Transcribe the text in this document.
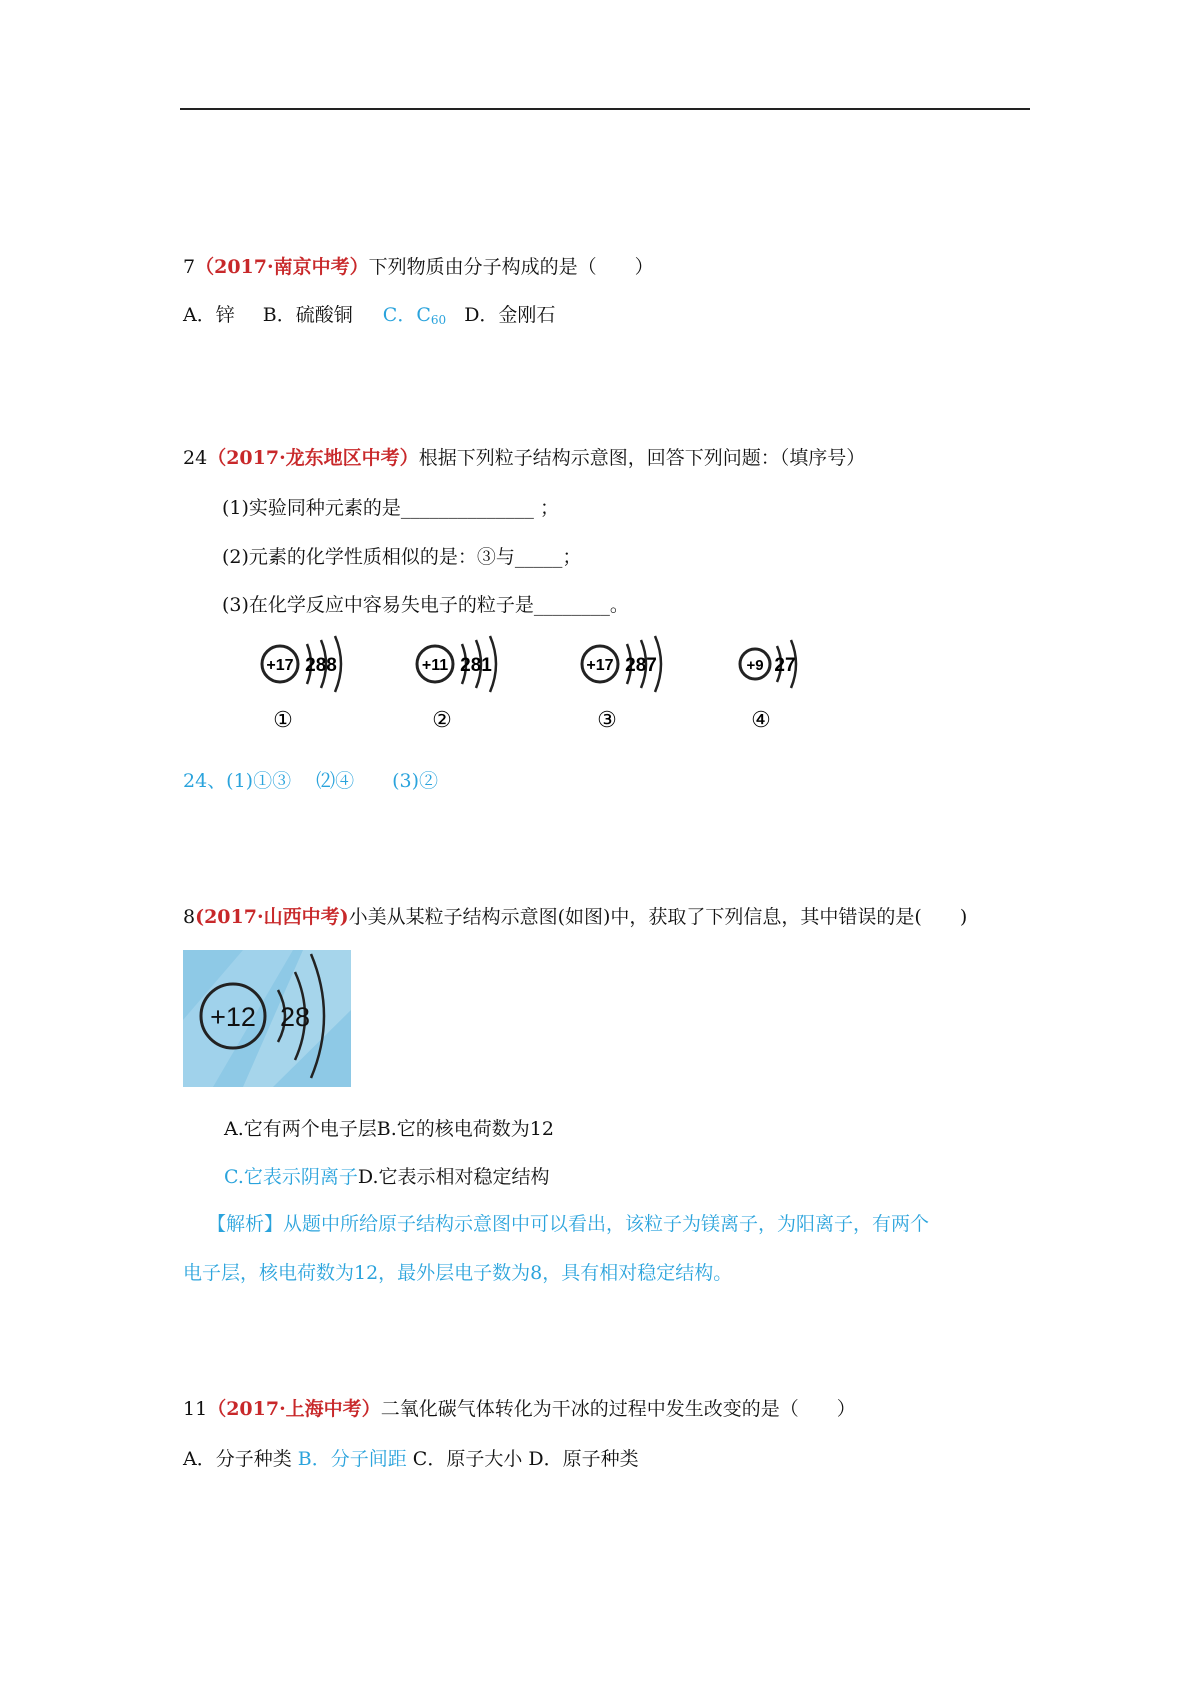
7（2017·南京中考）下列物质由分子构成的是（　　）
A．锌 B．硫酸铜 C．$C_{60}$ D．金刚石
24（2017·龙东地区中考）根据下列粒子结构示意图，回答下列问题：（填序号）
(1)实验同种元素的是______________ ；
(2)元素的化学性质相似的是：③与_____；
(3)在化学反应中容易失电子的粒子是________。
+17 288
①
+11 281
②
+17 287
③
+9 27
④
24、(1)①③　 ⑵④　　(3)②
8(2017·山西中考)小美从某粒子结构示意图(如图)中，获取了下列信息，其中错误的是(　　)
+12 28
A.它有两个电子层B.它的核电荷数为12
C.它表示阴离子D.它表示相对稳定结构
【解析】从题中所给原子结构示意图中可以看出，该粒子为镁离子，为阳离子，有两个
电子层，核电荷数为12，最外层电子数为8，具有相对稳定结构。
11（2017·上海中考）二氧化碳气体转化为干冰的过程中发生改变的是（　　）
A．分子种类 B．分子间距 C．原子大小 D．原子种类
